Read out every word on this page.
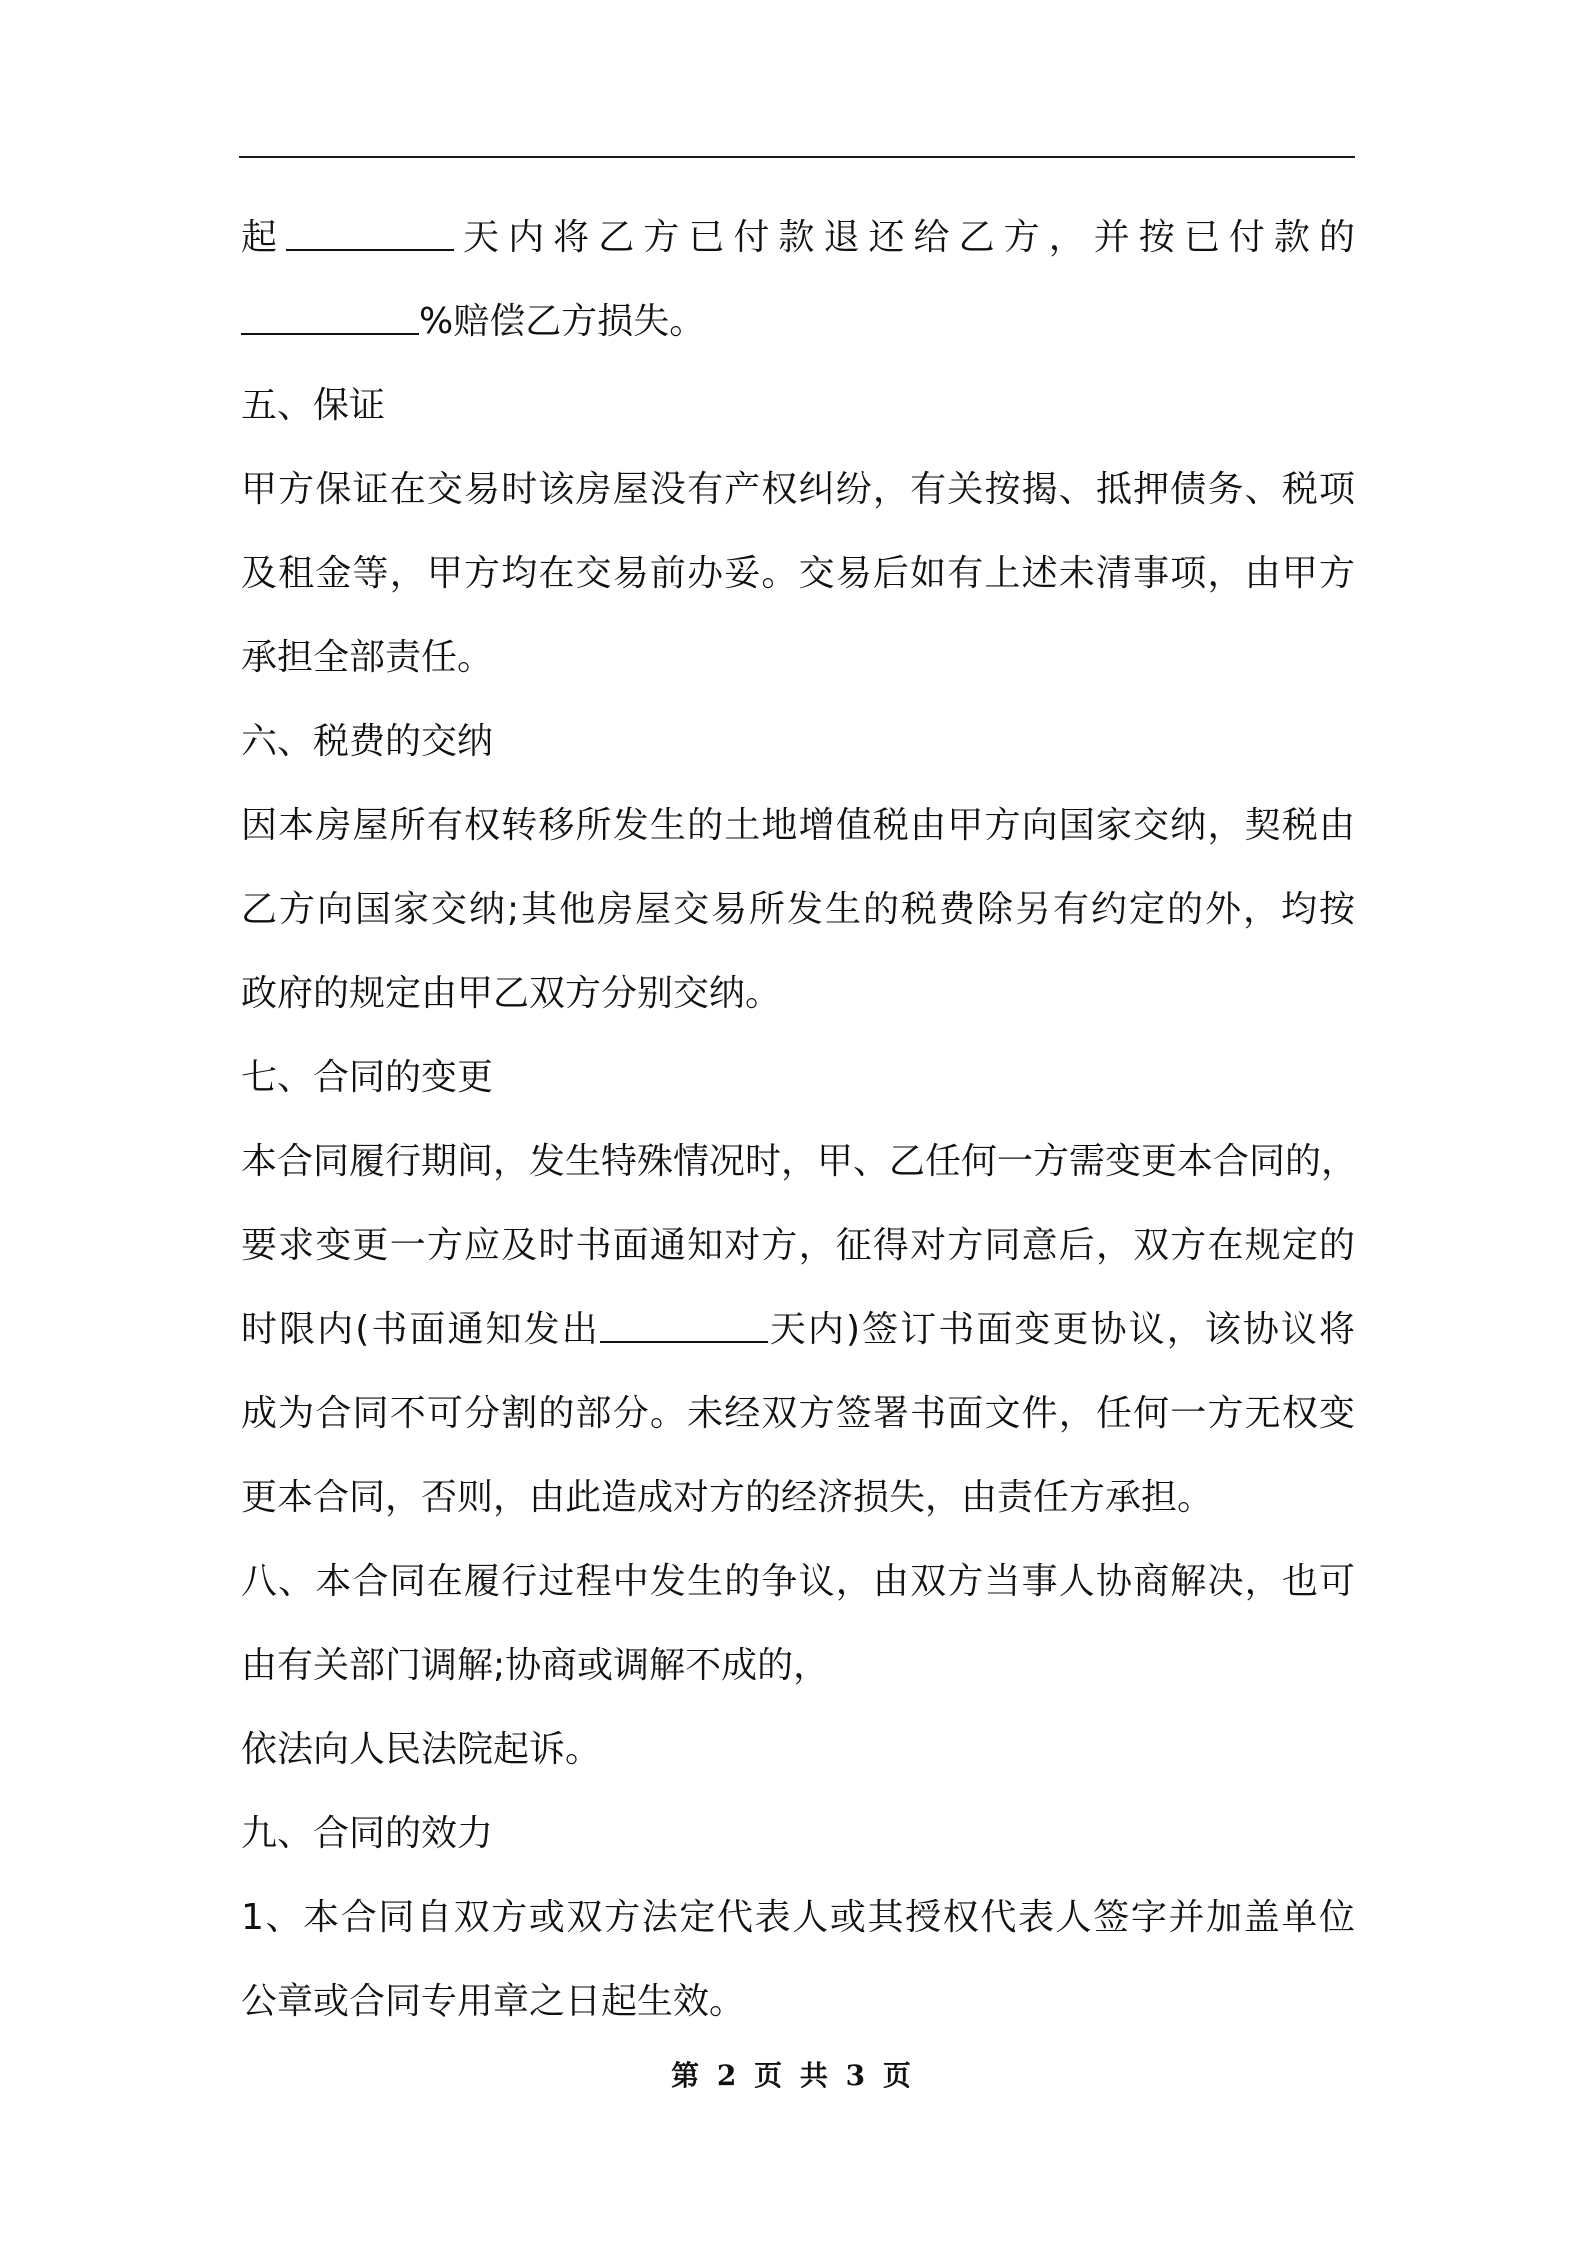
起	天内将乙方已付款退还给乙方，并按已付款的
%赔偿乙方损失。
五、保证
甲方保证在交易时该房屋没有产权纠纷，有关按揭、抵押债务、税项
及租金等，甲方均在交易前办妥。交易后如有上述未清事项，由甲方
承担全部责任。
六、税费的交纳
因本房屋所有权转移所发生的土地增值税由甲方向国家交纳，契税由
乙方向国家交纳;其他房屋交易所发生的税费除另有约定的外，均按
政府的规定由甲乙双方分别交纳。
七、合同的变更
本合同履行期间，发生特殊情况时，甲、乙任何一方需变更本合同的，
要求变更一方应及时书面通知对方，征得对方同意后，双方在规定的
时限内(书面通知发出	天内)签订书面变更协议，该协议将
成为合同不可分割的部分。未经双方签署书面文件，任何一方无权变
更本合同，否则，由此造成对方的经济损失，由责任方承担。
八、本合同在履行过程中发生的争议，由双方当事人协商解决，也可
由有关部门调解;协商或调解不成的，
依法向人民法院起诉。
九、合同的效力
1、本合同自双方或双方法定代表人或其授权代表人签字并加盖单位
公章或合同专用章之日起生效。
第 2 页 共 3 页
